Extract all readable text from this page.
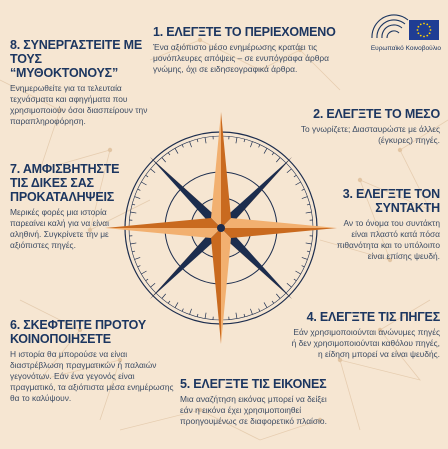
Ευρωπαϊκό Κοινοβούλιο
1. ΕΛΕΓΞΤΕ ΤΟ ΠΕΡΙΕΧΟΜΕΝΟ
Ένα αξιόπιστο μέσο ενημέρωσης κρατάει τις μονόπλευρες απόψεις – σε ενυπόγραφα άρθρα γνώμης, όχι σε ειδησεογραφικά άρθρα.
2. ΕΛΕΓΞΤΕ ΤΟ ΜΕΣΟ
Το γνωρίζετε; Διασταυρώστε με άλλες (έγκυρες) πηγές.
3. ΕΛΕΓΞΤΕ ΤΟΝ ΣΥΝΤΑΚΤΗ
Αν το όνομα του συντάκτη είναι πλαστό κατά πόσα πιθανότητα και το υπόλοιπο είναι επίσης ψευδή.
4. ΕΛΕΓΞΤΕ ΤΙΣ ΠΗΓΕΣ
Εάν χρησιμοποιούνται ανώνυμες πηγές ή δεν χρησιμοποιούνται καθόλου πηγές, η είδηση μπορεί να είναι ψευδής.
5. ΕΛΕΓΞΤΕ ΤΙΣ ΕΙΚΟΝΕΣ
Μια αναζήτηση εικόνας μπορεί να δείξει εάν η εικόνα έχει χρησιμοποιηθεί προηγουμένως σε διαφορετικό πλαίσιο.
6. ΣΚΕΦΤΕΙΤΕ ΠΡΟΤΟΥ ΚΟΙΝΟΠΟΙΗΣΕΤΕ
Η ιστορία θα μπορούσε να είναι διαστρέβλωση πραγματικών ή παλαιών γεγονότων. Εάν ένα γεγονός είναι πραγματικό, τα αξιόπιστα μέσα ενημέρωσης θα το καλύψουν.
7. ΑΜΦΙΣΒΗΤΗΣΤΕ ΤΙΣ ΔΙΚΕΣ ΣΑΣ ΠΡΟΚΑΤΑΛΗΨΕΙΣ
Μερικές φορές μια ιστορία παρεαίνει καλή για να είναι αληθινή. Συγκρίνετε την με αξιόπιστες πηγές.
8. ΣΥΝΕΡΓΑΣΤΕΙΤΕ ΜΕ ΤΟΥΣ “ΜΥΘΟΚΤΟΝΟΥΣ”
Ενημερωθείτε για τα τελευταία τεχνάσματα και αφηγήματα που χρησιμοποιούν όσοι διασπείρουν την παραπληροφόρηση.
